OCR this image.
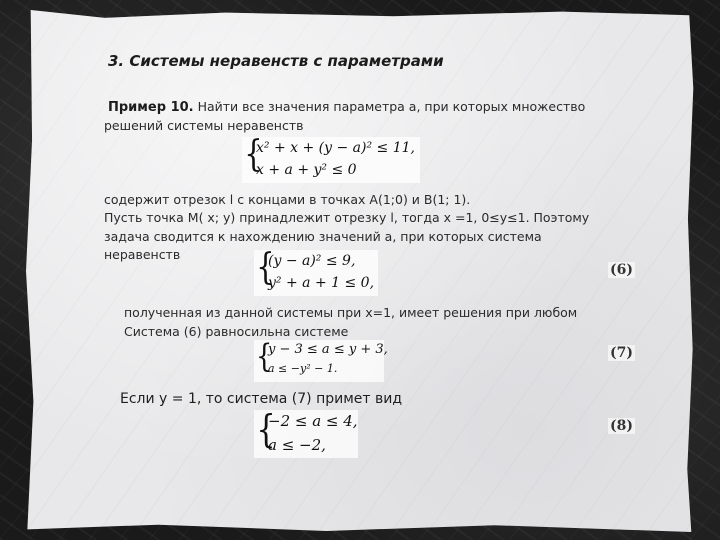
3. Системы неравенств с параметрами
Пример 10. Найти все значения параметра a, при которых множество
решений системы неравенств
{
x² + x + (y − a)² ≤ 11,
x + a + y² ≤ 0
содержит отрезок l с концами в точках А(1;0) и В(1; 1).
Пусть точка М( x; y) принадлежит отрезку l, тогда х =1, 0≤y≤1. Поэтому
задача сводится к нахождению значений а, при которых система
неравенств {
(y − a)² ≤ 9,
y² + a + 1 ≤ 0,
(6)
полученная из данной системы при х=1, имеет решения при любом
Система (6) равносильна системе
{
y − 3 ≤ a ≤ y + 3,
a ≤ −y² − 1.
(7)
Если y = 1, то система (7) примет вид
{
−2 ≤ a ≤ 4,
a ≤ −2,
(8)
